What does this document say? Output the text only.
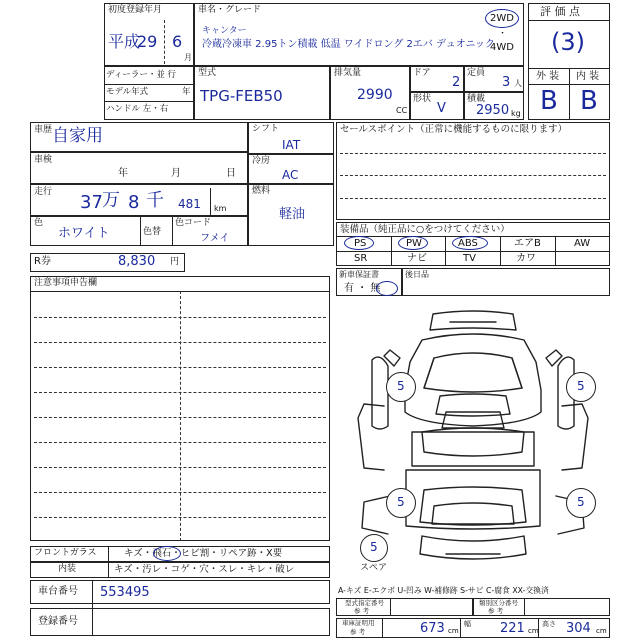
初度登録年月
平成
29 6
月
車名・グレード
キャンター
冷蔵冷凍車 2.95トン積載 低温 ワイドロング 2エバ デュオニック
2WD
・
4WD
評 価 点
(3)
外 装 内 装
B B
ディーラー・並 行
モデル年式	年
ハンドル 左・右
型式
TPG-FEB50
排気量
2990
CC
ドア
2
定員
3 人
形状
V
積載
2950 kg
車歴 自家用
車検
年	月	日
走行 37 万 8 千 481 km
色
ホワイト	色替
色コード
フメイ
R券	8,830 円
シフト
IAT
冷房
AC
燃料
軽油
セールスポイント（正常に機能するものに限ります）
装備品（純正品に○をつけてください）
PS	PW	ABS	エアB	AW
SR	ナビ	TV	カワ
新車保証書
有 ・ 無
後日品
注意事項申告欄
5	5
5	5
5
スペア
A-キズ E-エクボ U-凹み W-補修跡 S-サビ C-腐食 XX-交換済
フロントガラス	キズ・飛石・ヒビ割・リペア跡・X要
内装	キズ・汚レ・コゲ・穴・スレ・キレ・破レ
車台番号 553495
登録番号
型式指定番号
参 考
類別区分番号
参 考
車庫証明用
参 考	673 cm
幅 221 cm
高さ 304 cm
